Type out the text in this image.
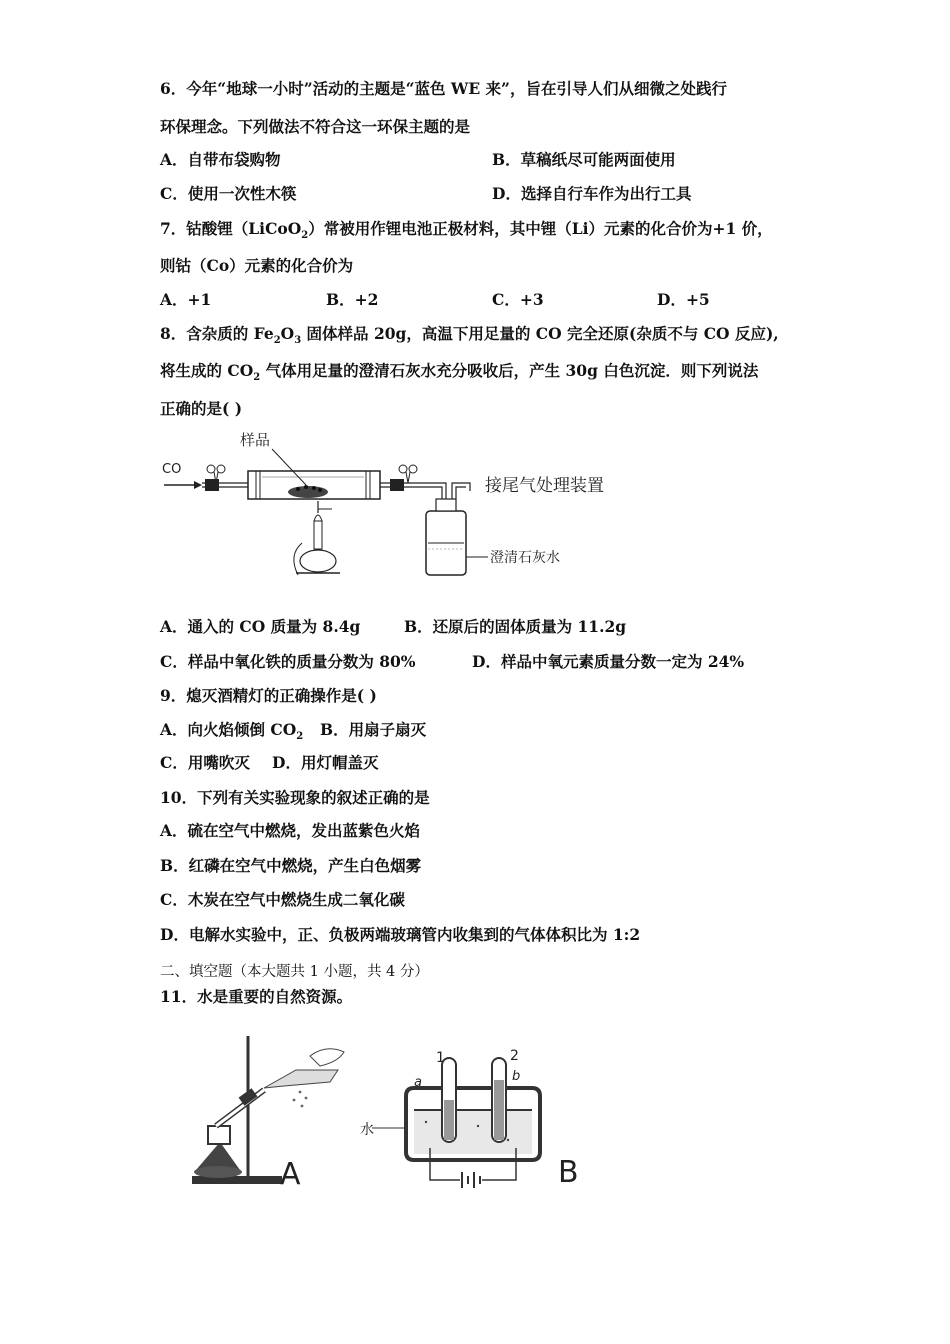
6．今年“地球一小时”活动的主题是“蓝色 WE 来”，旨在引导人们从细微之处践行
环保理念。下列做法不符合这一环保主题的是
A．自带布袋购物	B．草稿纸尽可能两面使用
C．使用一次性木筷	D．选择自行车作为出行工具
7．钴酸锂（LiCoO$_2$）常被用作锂电池正极材料，其中锂（Li）元素的化合价为+1 价，
则钴（Co）元素的化合价为
A．+1	B．+2	C．+3	D．+5
8．含杂质的 $Fe_2O_3$ 固体样品 20g，高温下用足量的 CO 完全还原(杂质不与 CO 反应),
将生成的 $CO_2$ 气体用足量的澄清石灰水充分吸收后，产生 30g 白色沉淀．则下列说法
正确的是( )
样品
CO
接尾气处理装置
澄清石灰水
A．通入的 CO 质量为 8.4g	B．还原后的固体质量为 11.2g
C．样品中氧化铁的质量分数为 80%	D．样品中氧元素质量分数一定为 24%
9．熄灭酒精灯的正确操作是( )
A．向火焰倾倒 $CO_2$ B．用扇子扇灭
C．用嘴吹灭 D．用灯帽盖灭
10．下列有关实验现象的叙述正确的是
A．硫在空气中燃烧，发出蓝紫色火焰
B．红磷在空气中燃烧，产生白色烟雾
C．木炭在空气中燃烧生成二氧化碳
D．电解水实验中，正、负极两端玻璃管内收集到的气体体积比为 1:2
二、填空题（本大题共 1 小题，共 4 分）
11．水是重要的自然资源。
A
水
1	2
a	b
B
